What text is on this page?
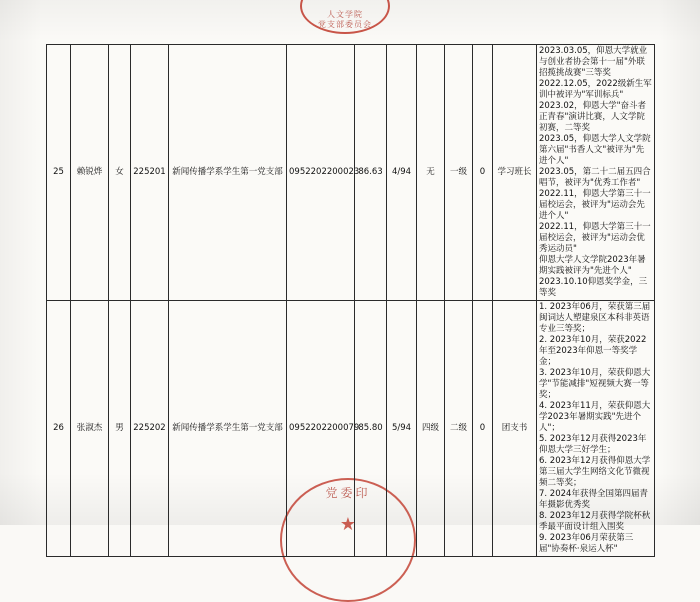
人文学院
党支部委员会
党委印
★
25	赖锐烨	女	225201	新闻传播学系学生第一党支部	0952202200023	86.63	4/94	无	一级	0	学习班长	
2023.03.05，仰恩大学就业与创业者协会第十一届"外联招揽挑战赛"三等奖
2022.12.05，2022级新生军训中被评为"军训标兵"
2023.02，仰恩大学"奋斗者正青春"演讲比赛，人文学院初赛，二等奖
2023.05，仰恩大学人文学院第六届"书香人文"被评为"先进个人"
2023.05，第二十二届五四合唱节，被评为"优秀工作者"
2022.11，仰恩大学第三十一届校运会，被评为"运动会先进个人"
2022.11，仰恩大学第三十一届校运会，被评为"运动会优秀运动员"
仰恩大学人文学院2023年暑期实践被评为"先进个人"
2023.10.10仰恩奖学金，三等奖

26	张淑杰	男	225202	新闻传播学系学生第一党支部	0952202200079	85.80	5/94	四级	二级	0	团支书	
1. 2023年06月，荣获第三届闽词达人塑建泉区本科非英语专业三等奖；
2. 2023年10月，荣获2022年至2023年仰恩一等奖学金；
3. 2023年10月，荣获仰恩大学"节能减排"短视频大赛一等奖；
4. 2023年11月，荣获仰恩大学2023年暑期实践"先进个人"；
5. 2023年12月获得2023年仰恩大学三好学生；
6. 2023年12月获得仰恩大学第三届大学生网络文化节微视频二等奖；
7. 2024年获得全国第四届青年摄影优秀奖
8. 2023年12月获得学院杯秋季最平面设计组入围奖
9. 2023年06月荣获第三届"协奏杯·泉运人杯"
